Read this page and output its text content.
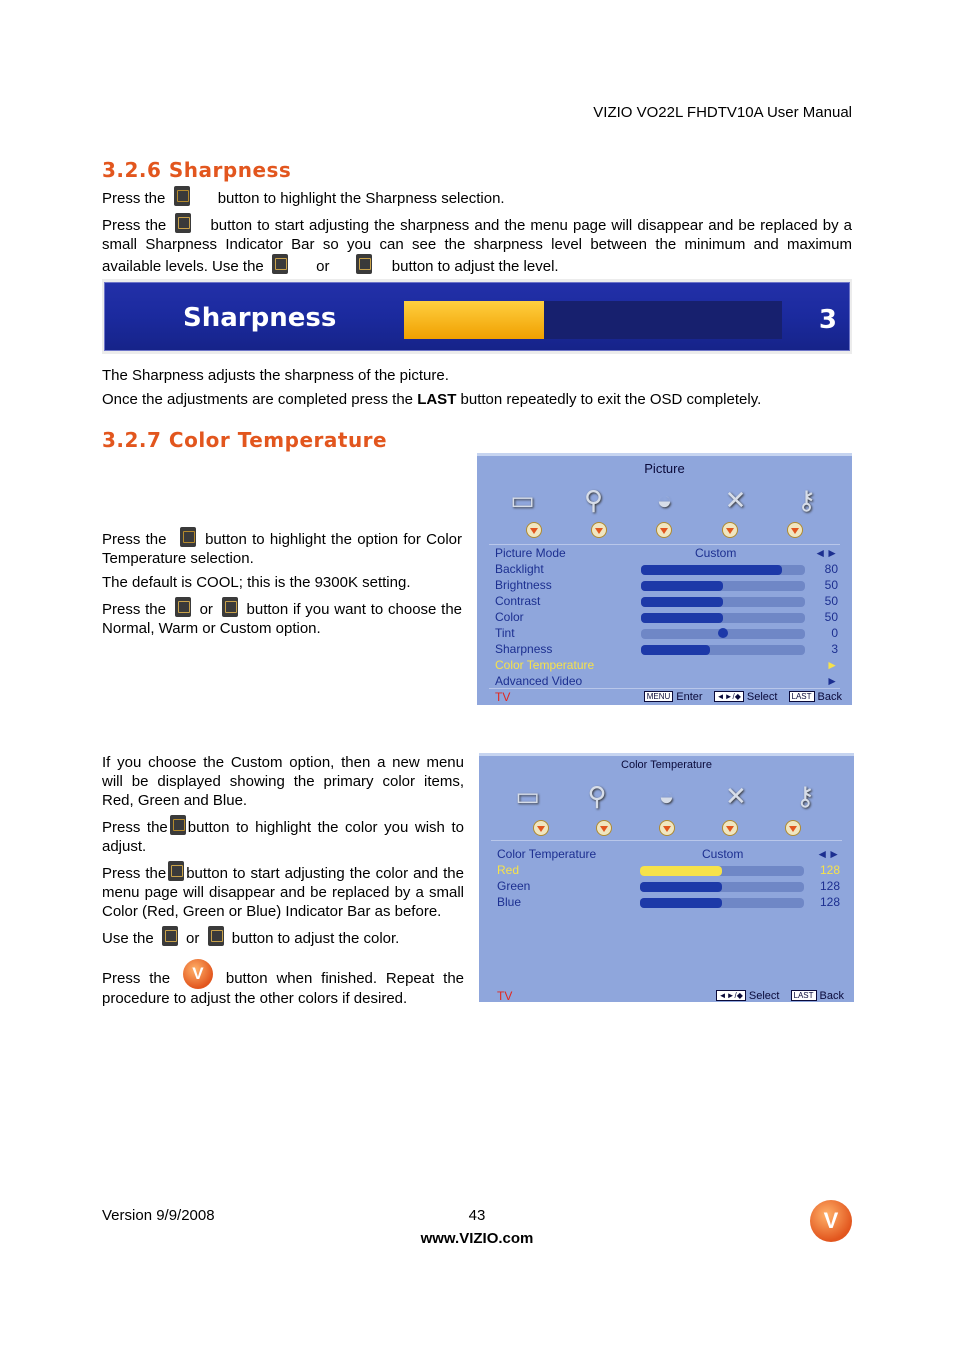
VIZIO VO22L FHDTV10A User Manual
3.2.6 Sharpness
Press the	button to highlight the Sharpness selection.
Press the	button to start adjusting the sharpness and the menu page will disappear and be replaced by a small Sharpness Indicator Bar so you can see the sharpness level between the minimum and maximum available levels. Use the	or	button to adjust the level.
Sharpness	3
The Sharpness adjusts the sharpness of the picture.
Once the adjustments are completed press the LAST button repeatedly to exit the OSD completely.
3.2.7 Color Temperature

Press the	button to highlight the option for Color Temperature selection.

The default is COOL; this is the 9300K setting.

Press the or button if you want to choose the Normal, Warm or Custom option.

Picture
▭	⚲	◒	✕	⚷
Picture Mode	Custom	◄►
Backlight	80
Brightness	50
Contrast	50
Color	50
Tint	0
Sharpness	3
Color Temperature	►
Advanced Video	►
TV	MENU Enter ◄►/◆ Select LAST Back

If you choose the Custom option, then a new menu will be displayed showing the primary color items, Red, Green and Blue.

Press the button to highlight the color you wish to adjust.

Press the button to start adjusting the color and the menu page will disappear and be replaced by a small Color (Red, Green or Blue) Indicator Bar as before.

Use the or button to adjust the color.

Press the V	button when finished. Repeat the procedure to adjust the other colors if desired.

Color Temperature
▭	⚲	◒	✕	⚷
Color Temperature	Custom	◄►
Red	128
Green	128
Blue	128
TV	◄►/◆ Select LAST Back
Version 9/9/2008	43
www.VIZIO.com
V
